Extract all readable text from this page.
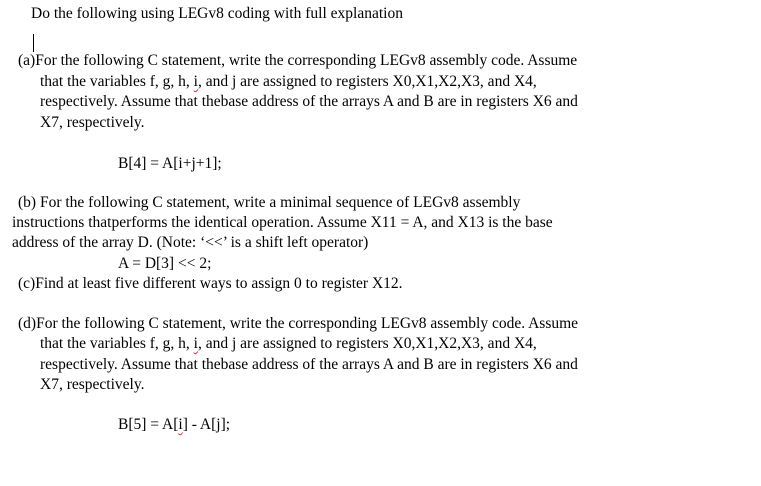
Do the following using LEGv8 coding with full explanation
(a)For the following C statement, write the corresponding LEGv8 assembly code. Assume
that the variables f, g, h, i, and j are assigned to registers X0,X1,X2,X3, and X4,
respectively. Assume that thebase address of the arrays A and B are in registers X6 and
X7, respectively.
B[4] = A[i+j+1];
(b) For the following C statement, write a minimal sequence of LEGv8 assembly
instructions thatperforms the identical operation. Assume X11 = A, and X13 is the base
address of the array D. (Note: ‘<<’ is a shift left operator)
A = D[3] << 2;
(c)Find at least five different ways to assign 0 to register X12.
(d)For the following C statement, write the corresponding LEGv8 assembly code. Assume
that the variables f, g, h, i, and j are assigned to registers X0,X1,X2,X3, and X4,
respectively. Assume that thebase address of the arrays A and B are in registers X6 and
X7, respectively.
B[5] = A[i] - A[j];
